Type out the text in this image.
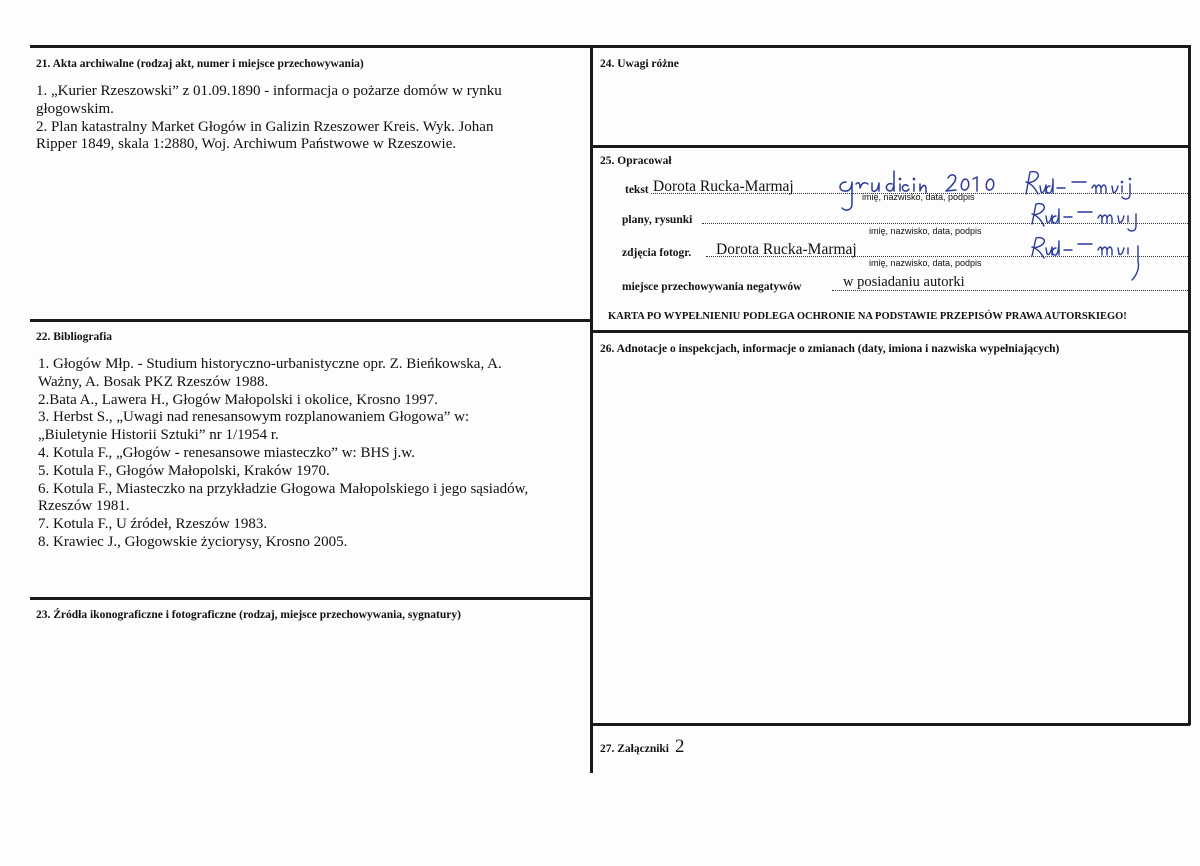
21. Akta archiwalne (rodzaj akt, numer i miejsce przechowywania)
1. „Kurier Rzeszowski” z 01.09.1890 - informacja o pożarze domów w rynku
głogowskim.
2. Plan katastralny Market Głogów in Galizin Rzeszower Kreis. Wyk. Johan
Ripper 1849, skala 1:2880, Woj. Archiwum Państwowe w Rzeszowie.
22. Bibliografia
1. Głogów Młp. - Studium historyczno-urbanistyczne opr. Z. Bieńkowska, A.
Ważny, A. Bosak PKZ Rzeszów 1988.
2.Bata A., Lawera H., Głogów Małopolski i okolice, Krosno 1997.
3. Herbst S., „Uwagi nad renesansowym rozplanowaniem Głogowa” w:
„Biuletynie Historii Sztuki” nr 1/1954 r.
4. Kotula F., „Głogów - renesansowe miasteczko” w: BHS j.w.
5. Kotula F., Głogów Małopolski, Kraków 1970.
6. Kotula F., Miasteczko na przykładzie Głogowa Małopolskiego i jego sąsiadów,
Rzeszów 1981.
7. Kotula F., U źródeł, Rzeszów 1983.
8. Krawiec J., Głogowskie życiorysy, Krosno 2005.
23. Źródła ikonograficzne i fotograficzne (rodzaj, miejsce przechowywania, sygnatury)
24. Uwagi różne
25. Opracował
tekst Dorota Rucka-Marmaj
imię, nazwisko, data, podpis
plany, rysunki
imię, nazwisko, data, podpis
zdjęcia fotogr. Dorota Rucka-Marmaj
imię, nazwisko, data, podpis
miejsce przechowywania negatywów	w posiadaniu autorki
KARTA PO WYPEŁNIENIU PODLEGA OCHRONIE NA PODSTAWIE PRZEPISÓW PRAWA AUTORSKIEGO!
26. Adnotacje o inspekcjach, informacje o zmianach (daty, imiona i nazwiska wypełniających)
27. Załączniki 2
